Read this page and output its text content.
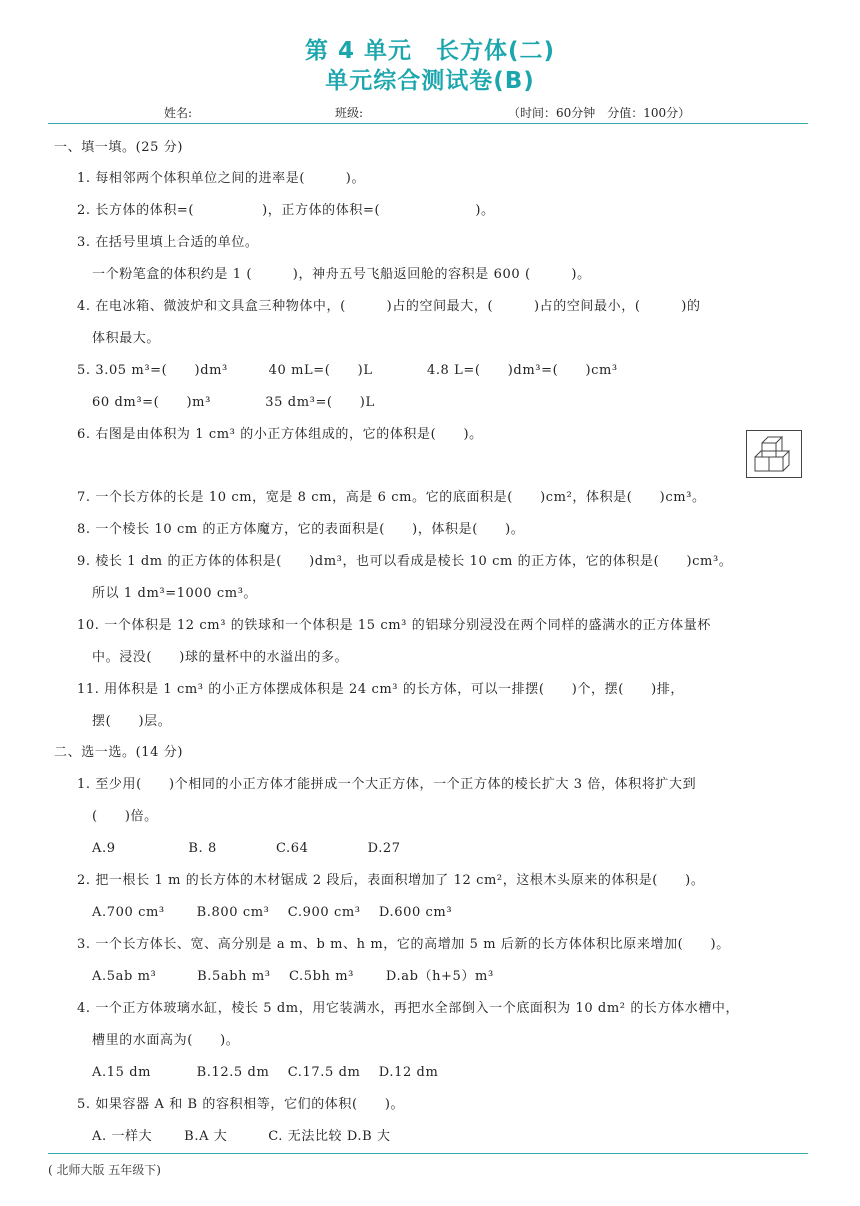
第 4 单元　长方体(二)
单元综合测试卷(B)
姓名:	班级:	（时间：60分钟　分值：100分）
一、填一填。(25 分)
1. 每相邻两个体积单位之间的进率是(　　　)。
2. 长方体的体积=(　　　　　)，正方体的体积=(　　　　　　　)。
3. 在括号里填上合适的单位。
一个粉笔盒的体积约是 1 (　　　)，神舟五号飞船返回舱的容积是 600 (　　　)。
4. 在电冰箱、微波炉和文具盒三种物体中，(　　　)占的空间最大，(　　　)占的空间最小，(　　　)的
体积最大。
5. 3.05 m³=(　　)dm³　　　40 mL=(　　)L　　　　4.8 L=(　　)dm³=(　　)cm³
60 dm³=(　　)m³　　　　35 dm³=(　　)L
6. 右图是由体积为 1 cm³ 的小正方体组成的，它的体积是(　　)。
7. 一个长方体的长是 10 cm，宽是 8 cm，高是 6 cm。它的底面积是(　　)cm²，体积是(　　)cm³。
8. 一个棱长 10 cm 的正方体魔方，它的表面积是(　　)，体积是(　　)。
9. 棱长 1 dm 的正方体的体积是(　　)dm³，也可以看成是棱长 10 cm 的正方体，它的体积是(　　)cm³。
所以 1 dm³=1000 cm³。
10. 一个体积是 12 cm³ 的铁球和一个体积是 15 cm³ 的铝球分别浸没在两个同样的盛满水的正方体量杯
中。浸没(　　)球的量杯中的水溢出的多。
11. 用体积是 1 cm³ 的小正方体摆成体积是 24 cm³ 的长方体，可以一排摆(　　)个，摆(　　)排，
摆(　　)层。
二、选一选。(14 分)
1. 至少用(　　)个相同的小正方体才能拼成一个大正方体，一个正方体的棱长扩大 3 倍，体积将扩大到
(　　)倍。
A.9　　　　　 B. 8　　　　 C.64　　　　 D.27
2. 把一根长 1 m 的长方体的木材锯成 2 段后，表面积增加了 12 cm²，这根木头原来的体积是(　　)。
A.700 cm³　　 B.800 cm³　 C.900 cm³　 D.600 cm³
3. 一个长方体长、宽、高分别是 a m、b m、h m，它的高增加 5 m 后新的长方体体积比原来增加(　　)。
A.5ab m³　　　B.5abh m³　 C.5bh m³　　 D.ab（h+5）m³
4. 一个正方体玻璃水缸，棱长 5 dm，用它装满水，再把水全部倒入一个底面积为 10 dm² 的长方体水槽中，
槽里的水面高为(　　)。
A.15 dm　　　 B.12.5 dm　 C.17.5 dm　 D.12 dm
5. 如果容器 A 和 B 的容积相等，它们的体积(　　)。
A. 一样大　　 B.A 大　　　C. 无法比较 D.B 大
( 北师大版 五年级下)
